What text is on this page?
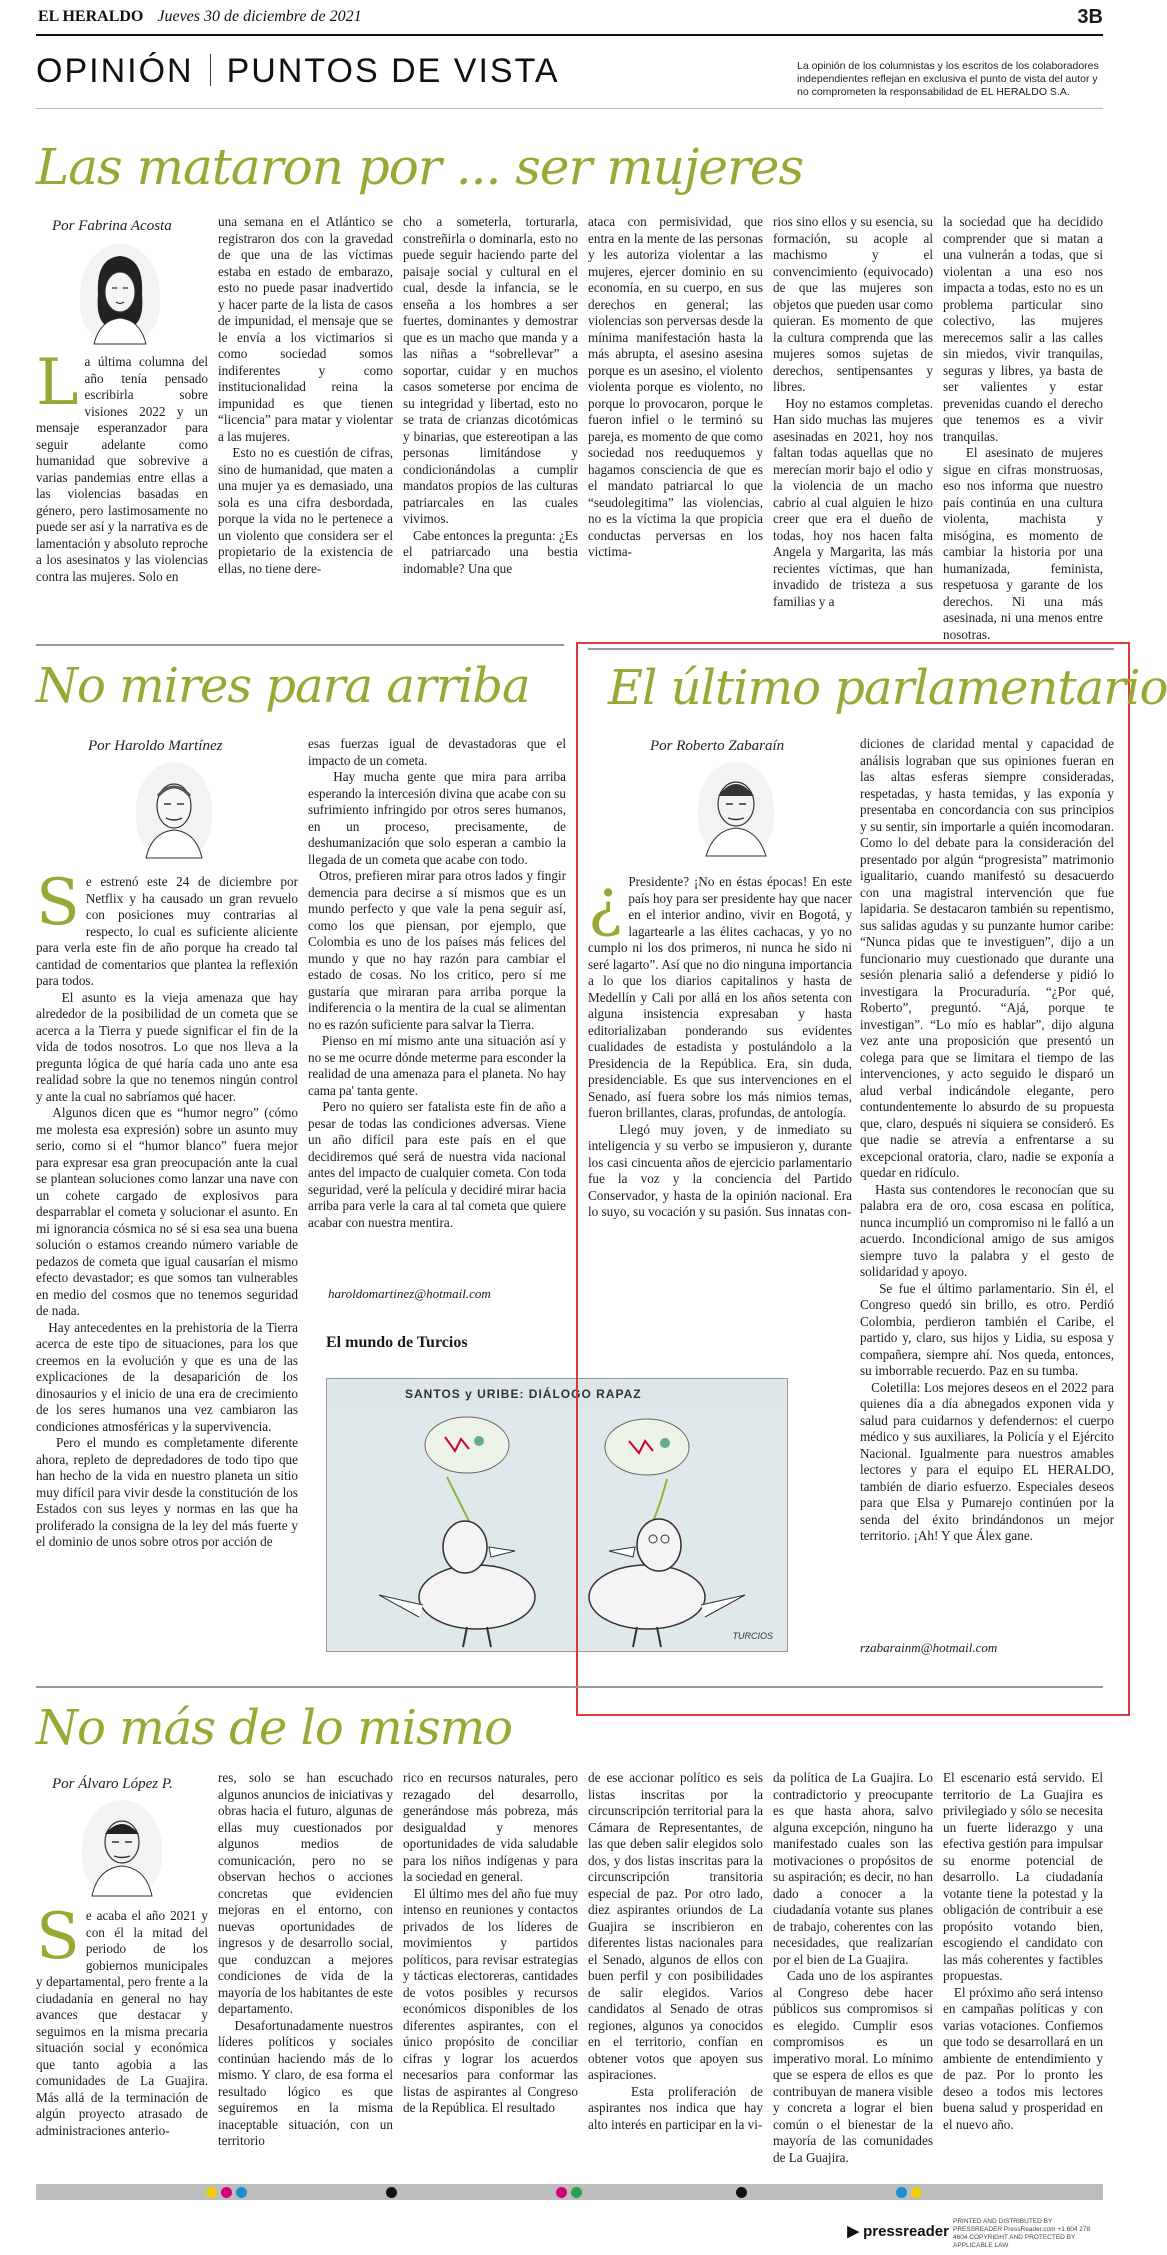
EL HERALDO Jueves 30 de diciembre de 2021	3B
OPINIÓN PUNTOS DE VISTA	La opinión de los columnistas y los escritos de los colaboradores independientes reflejan en exclusiva el punto de vista del autor y no comprometen la responsabilidad de EL HERALDO S.A.
Las mataron por ... ser mujeres
Por Fabrina Acosta
La última columna del año tenía pensado escribirla sobre visiones 2022 y un mensaje esperanzador para seguir adelante como humanidad que sobrevive a varias pandemias entre ellas a las violencias basadas en género, pero lastimosamente no puede ser así y la narrativa es de lamentación y absoluto reproche a los asesinatos y las violencias contra las mujeres. Solo en
una semana en el Atlántico se registraron dos con la gravedad de que una de las víctimas estaba en estado de embarazo, esto no puede pasar inadvertido y hacer parte de la lista de casos de impunidad, el mensaje que se le envía a los victimarios si como sociedad somos indiferentes y como institucionalidad reina la impunidad es que tienen “licencia” para matar y violentar a las mujeres.
Esto no es cuestión de cifras, sino de humanidad, que maten a una mujer ya es demasiado, una sola es una cifra desbordada, porque la vida no le pertenece a un violento que considera ser el propietario de la existencia de ellas, no tiene dere-
cho a someterla, torturarla, constreñirla o dominarla, esto no puede seguir haciendo parte del paisaje social y cultural en el cual, desde la infancia, se le enseña a los hombres a ser fuertes, dominantes y demostrar que es un macho que manda y a las niñas a “sobrellevar” a soportar, cuidar y en muchos casos someterse por encima de su integridad y libertad, esto no se trata de crianzas dicotómicas y binarias, que estereotipan a las personas limitándose y condicionándolas a cumplir mandatos propios de las culturas patriarcales en las cuales vivimos.
Cabe entonces la pregunta: ¿Es el patriarcado una bestia indomable? Una que
ataca con permisividad, que entra en la mente de las personas y les autoriza violentar a las mujeres, ejercer dominio en su economía, en su cuerpo, en sus derechos en general; las violencias son perversas desde la mínima manifestación hasta la más abrupta, el asesino asesina porque es un asesino, el violento violenta porque es violento, no porque lo provocaron, porque le fueron infiel o le terminó su pareja, es momento de que como sociedad nos reeduquemos y hagamos consciencia de que es el mandato patriarcal lo que “seudolegitima” las violencias, no es la víctima la que propicia conductas perversas en los victima-
rios sino ellos y su esencia, su formación, su acople al machismo y el convencimiento (equivocado) de que las mujeres son objetos que pueden usar como quieran. Es momento de que la cultura comprenda que las mujeres somos sujetas de derechos, sentipensantes y libres.
Hoy no estamos completas. Han sido muchas las mujeres asesinadas en 2021, hoy nos faltan todas aquellas que no merecían morir bajo el odio y la violencia de un macho cabrío al cual alguien le hizo creer que era el dueño de todas, hoy nos hacen falta Angela y Margarita, las más recientes víctimas, que han invadido de tristeza a sus familias y a
la sociedad que ha decidido comprender que si matan a una vulnerán a todas, que si violentan a una eso nos impacta a todas, esto no es un problema particular sino colectivo, las mujeres merecemos salir a las calles sin miedos, vivir tranquilas, seguras y libres, ya basta de ser valientes y estar prevenidas cuando el derecho que tenemos es a vivir tranquilas.
El asesinato de mujeres sigue en cifras monstruosas, eso nos informa que nuestro país continúa en una cultura violenta, machista y misógina, es momento de cambiar la historia por una humanizada, feminista, respetuosa y garante de los derechos. Ni una más asesinada, ni una menos entre nosotras.
No mires para arriba
Por Haroldo Martínez
Se estrenó este 24 de diciembre por Netflix y ha causado un gran revuelo con posiciones muy contrarias al respecto, lo cual es suficiente aliciente para verla este fin de año porque ha creado tal cantidad de comentarios que plantea la reflexión para todos.
El asunto es la vieja amenaza que hay alrededor de la posibilidad de un cometa que se acerca a la Tierra y puede significar el fin de la vida de todos nosotros. Lo que nos lleva a la pregunta lógica de qué haría cada uno ante esa realidad sobre la que no tenemos ningún control y ante la cual no sabríamos qué hacer.
Algunos dicen que es “humor negro” (cómo me molesta esa expresión) sobre un asunto muy serio, como si el “humor blanco” fuera mejor para expresar esa gran preocupación ante la cual se plantean soluciones como lanzar una nave con un cohete cargado de explosivos para desparrablar el cometa y solucionar el asunto. En mi ignorancia cósmica no sé si esa sea una buena solución o estamos creando número variable de pedazos de cometa que igual causarían el mismo efecto devastador; es que somos tan vulnerables en medio del cosmos que no tenemos seguridad de nada.
Hay antecedentes en la prehistoria de la Tierra acerca de este tipo de situaciones, para los que creemos en la evolución y que es una de las explicaciones de la desaparición de los dinosaurios y el inicio de una era de crecimiento de los seres humanos una vez cambiaron las condiciones atmosféricas y la supervivencia.
Pero el mundo es completamente diferente ahora, repleto de depredadores de todo tipo que han hecho de la vida en nuestro planeta un sitio muy difícil para vivir desde la constitución de los Estados con sus leyes y normas en las que ha proliferado la consigna de la ley del más fuerte y el dominio de unos sobre otros por acción de
esas fuerzas igual de devastadoras que el impacto de un cometa.
Hay mucha gente que mira para arriba esperando la intercesión divina que acabe con su sufrimiento infringido por otros seres humanos, en un proceso, precisamente, de deshumanización que solo esperan a cambio la llegada de un cometa que acabe con todo.
Otros, prefieren mirar para otros lados y fingir demencia para decirse a sí mismos que es un mundo perfecto y que vale la pena seguir así, como los que piensan, por ejemplo, que Colombia es uno de los países más felices del mundo y que no hay razón para cambiar el estado de cosas. No los critico, pero sí me gustaría que miraran para arriba porque la indiferencia o la mentira de la cual se alimentan no es razón suficiente para salvar la Tierra.
Pienso en mí mismo ante una situación así y no se me ocurre dónde meterme para esconder la realidad de una amenaza para el planeta. No hay cama pa' tanta gente.
Pero no quiero ser fatalista este fin de año a pesar de todas las condiciones adversas. Viene un año difícil para este país en el que decidiremos qué será de nuestra vida nacional antes del impacto de cualquier cometa. Con toda seguridad, veré la película y decidiré mirar hacia arriba para verle la cara al tal cometa que quiere acabar con nuestra mentira.
haroldomartinez@hotmail.com
El mundo de Turcios
SANTOS y URIBE: DIÁLOGO RAPAZ
TURCIOS
El último parlamentario
Por Roberto Zabaraín
¿ Presidente? ¡No en éstas épocas! En este país hoy para ser presidente hay que nacer en el interior andino, vivir en Bogotá, y lagartearle a las élites cachacas, y yo no cumplo ni los dos primeros, ni nunca he sido ni seré lagarto”. Así que no dio ninguna importancia a lo que los diarios capitalinos y hasta de Medellín y Cali por allá en los años setenta con alguna insistencia expresaban y hasta editorializaban ponderando sus evidentes cualidades de estadista y postulándolo a la Presidencia de la República. Era, sin duda, presidenciable. Es que sus intervenciones en el Senado, así fuera sobre los más nimios temas, fueron brillantes, claras, profundas, de antología.
Llegó muy joven, y de inmediato su inteligencia y su verbo se impusieron y, durante los casi cincuenta años de ejercicio parlamentario fue la voz y la conciencia del Partido Conservador, y hasta de la opinión nacional. Era lo suyo, su vocación y su pasión. Sus innatas con-
diciones de claridad mental y capacidad de análisis lograban que sus opiniones fueran en las altas esferas siempre consideradas, respetadas, y hasta temidas, y las exponía y presentaba en concordancia con sus principios y su sentir, sin importarle a quién incomodaran. Como lo del debate para la consideración del presentado por algún “progresista” matrimonio igualitario, cuando manifestó su desacuerdo con una magistral intervención que fue lapidaria. Se destacaron también su repentismo, sus salidas agudas y su punzante humor caribe: “Nunca pidas que te investiguen”, dijo a un funcionario muy cuestionado que durante una sesión plenaria salió a defenderse y pidió lo investigara la Procuraduría. “¿Por qué, Roberto”, preguntó. “Ajá, porque te investigan”. “Lo mío es hablar”, dijo alguna vez ante una proposición que presentó un colega para que se limitara el tiempo de las intervenciones, y acto seguido le disparó un alud verbal indicándole elegante, pero contundentemente lo absurdo de su propuesta que, claro, después ni siquiera se consideró. Es que nadie se atrevía a enfrentarse a su excepcional oratoria, claro, nadie se exponía a quedar en ridículo.
Hasta sus contendores le reconocían que su palabra era de oro, cosa escasa en política, nunca incumplió un compromiso ni le falló a un acuerdo. Incondicional amigo de sus amigos siempre tuvo la palabra y el gesto de solidaridad y apoyo.
Se fue el último parlamentario. Sin él, el Congreso quedó sin brillo, es otro. Perdió Colombia, perdieron también el Caribe, el partido y, claro, sus hijos y Lidia, su esposa y compañera, siempre ahí. Nos queda, entonces, su imborrable recuerdo. Paz en su tumba.
Coletilla: Los mejores deseos en el 2022 para quienes día a día abnegados exponen vida y salud para cuidarnos y defendernos: el cuerpo médico y sus auxiliares, la Policía y el Ejército Nacional. Igualmente para nuestros amables lectores y para el equipo EL HERALDO, también de diario esfuerzo. Especiales deseos para que Elsa y Pumarejo continúen por la senda del éxito brindándonos un mejor territorio. ¡Ah! Y que Álex gane.
rzabarainm@hotmail.com
No más de lo mismo
Por Álvaro López P.
Se acaba el año 2021 y con él la mitad del periodo de los gobiernos municipales y departamental, pero frente a la ciudadanía en general no hay avances que destacar y seguimos en la misma precaria situación social y económica que tanto agobia a las comunidades de La Guajira. Más allá de la terminación de algún proyecto atrasado de administraciones anterio-
res, solo se han escuchado algunos anuncios de iniciativas y obras hacia el futuro, algunas de ellas muy cuestionados por algunos medios de comunicación, pero no se observan hechos o acciones concretas que evidencien mejoras en el entorno, con nuevas oportunidades de ingresos y de desarrollo social, que conduzcan a mejores condiciones de vida de la mayoría de los habitantes de este departamento.
Desafortunadamente nuestros líderes políticos y sociales continúan haciendo más de lo mismo. Y claro, de esa forma el resultado lógico es que seguiremos en la misma inaceptable situación, con un territorio
rico en recursos naturales, pero rezagado del desarrollo, generándose más pobreza, más desigualdad y menores oportunidades de vida saludable para los niños indígenas y para la sociedad en general.
El último mes del año fue muy intenso en reuniones y contactos privados de los líderes de movimientos y partidos políticos, para revisar estrategias y tácticas electoreras, cantidades de votos posibles y recursos económicos disponibles de los diferentes aspirantes, con el único propósito de conciliar cifras y lograr los acuerdos necesarios para conformar las listas de aspirantes al Congreso de la República. El resultado
de ese accionar político es seis listas inscritas por la circunscripción territorial para la Cámara de Representantes, de las que deben salir elegidos solo dos, y dos listas inscritas para la circunscripción transitoria especial de paz. Por otro lado, diez aspirantes oriundos de La Guajira se inscribieron en diferentes listas nacionales para el Senado, algunos de ellos con buen perfil y con posibilidades de salir elegidos. Varios candidatos al Senado de otras regiones, algunos ya conocidos en el territorio, confían en obtener votos que apoyen sus aspiraciones.
Esta proliferación de aspirantes nos indica que hay alto interés en participar en la vi-
da política de La Guajira. Lo contradictorio y preocupante es que hasta ahora, salvo alguna excepción, ninguno ha manifestado cuales son las motivaciones o propósitos de su aspiración; es decir, no han dado a conocer a la ciudadanía votante sus planes de trabajo, coherentes con las necesidades, que realizarían por el bien de La Guajira.
Cada uno de los aspirantes al Congreso debe hacer públicos sus compromisos si es elegido. Cumplir esos compromisos es un imperativo moral. Lo mínimo que se espera de ellos es que contribuyan de manera visible y concreta a lograr el bien común o el bienestar de la mayoría de las comunidades de La Guajira.
El escenario está servido. El territorio de La Guajira es privilegiado y sólo se necesita un fuerte liderazgo y una efectiva gestión para impulsar su enorme potencial de desarrollo. La ciudadanía votante tiene la potestad y la obligación de contribuir a ese propósito votando bien, escogiendo el candidato con las más coherentes y factibles propuestas.
El próximo año será intenso en campañas políticas y con varias votaciones. Confiemos que todo se desarrollará en un ambiente de entendimiento y de paz. Por lo pronto les deseo a todos mis lectores buena salud y prosperidad en el nuevo año.
▶ pressreader
PRINTED AND DISTRIBUTED BY PRESSREADER PressReader.com +1 604 278 4604 COPYRIGHT AND PROTECTED BY APPLICABLE LAW
